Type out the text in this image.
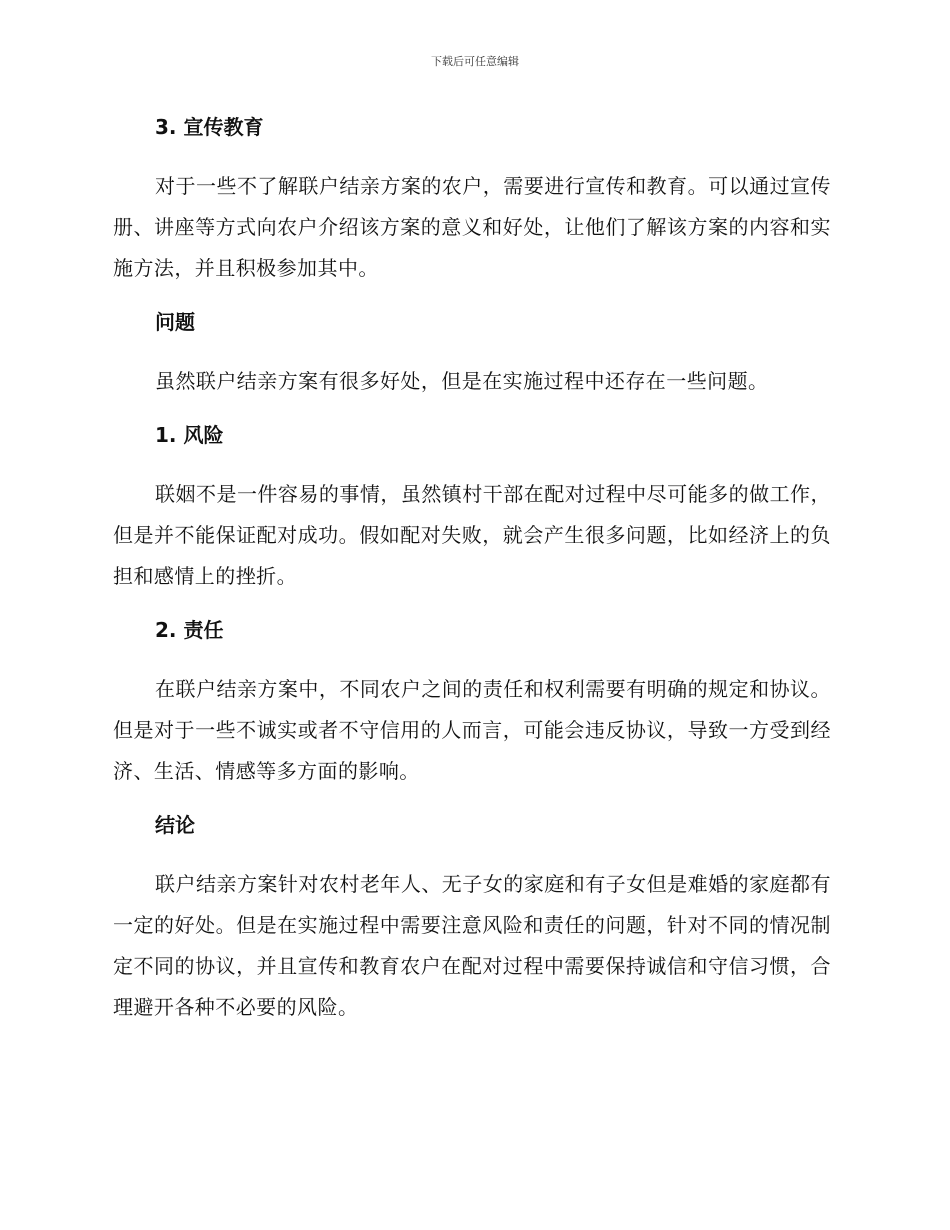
下载后可任意编辑
3. 宣传教育

对于一些不了解联户结亲方案的农户，需要进行宣传和教育。可以通过宣传册、讲座等方式向农户介绍该方案的意义和好处，让他们了解该方案的内容和实施方法，并且积极参加其中。

问题

虽然联户结亲方案有很多好处，但是在实施过程中还存在一些问题。

1. 风险

联姻不是一件容易的事情，虽然镇村干部在配对过程中尽可能多的做工作，但是并不能保证配对成功。假如配对失败，就会产生很多问题，比如经济上的负担和感情上的挫折。

2. 责任

在联户结亲方案中，不同农户之间的责任和权利需要有明确的规定和协议。但是对于一些不诚实或者不守信用的人而言，可能会违反协议，导致一方受到经济、生活、情感等多方面的影响。

结论

联户结亲方案针对农村老年人、无子女的家庭和有子女但是难婚的家庭都有一定的好处。但是在实施过程中需要注意风险和责任的问题，针对不同的情况制定不同的协议，并且宣传和教育农户在配对过程中需要保持诚信和守信习惯，合理避开各种不必要的风险。
